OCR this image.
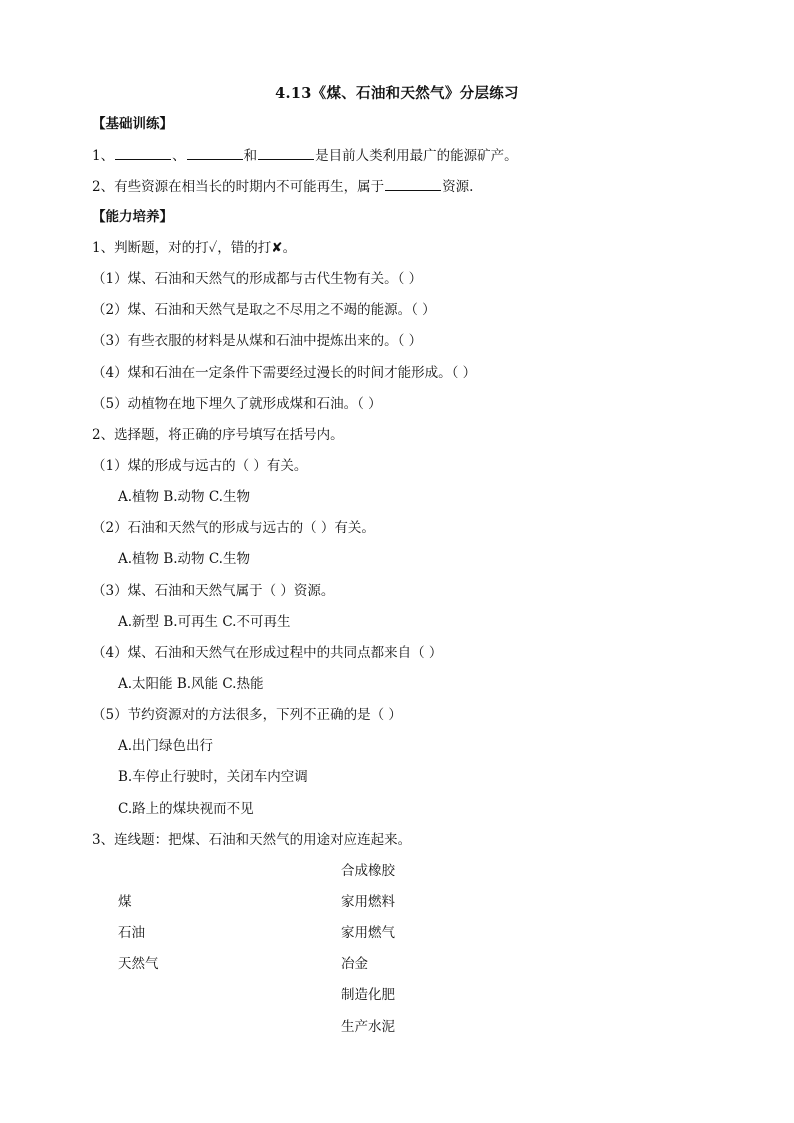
4.13《煤、石油和天然气》分层练习
【基础训练】
1、	、	和	是目前人类利用最广的能源矿产。
2、有些资源在相当长的时期内不可能再生，属于	资源.
【能力培养】
1、判断题，对的打✓，错的打✘。
（1）煤、石油和天然气的形成都与古代生物有关。（ ）
（2）煤、石油和天然气是取之不尽用之不竭的能源。（ ）
（3）有些衣服的材料是从煤和石油中提炼出来的。（ ）
（4）煤和石油在一定条件下需要经过漫长的时间才能形成。（ ）
（5）动植物在地下埋久了就形成煤和石油。（ ）
2、选择题，将正确的序号填写在括号内。
（1）煤的形成与远古的（ ）有关。
A.植物 B.动物 C.生物
（2）石油和天然气的形成与远古的（ ）有关。
A.植物 B.动物 C.生物
（3）煤、石油和天然气属于（ ）资源。
A.新型 B.可再生 C.不可再生
（4）煤、石油和天然气在形成过程中的共同点都来自（ ）
A.太阳能 B.风能 C.热能
（5）节约资源对的方法很多，下列不正确的是（ ）
A.出门绿色出行
B.车停止行驶时，关闭车内空调
C.路上的煤块视而不见
3、连线题：把煤、石油和天然气的用途对应连起来。
合成橡胶
煤	家用燃料
石油	家用燃气
天然气	冶金
制造化肥
生产水泥
